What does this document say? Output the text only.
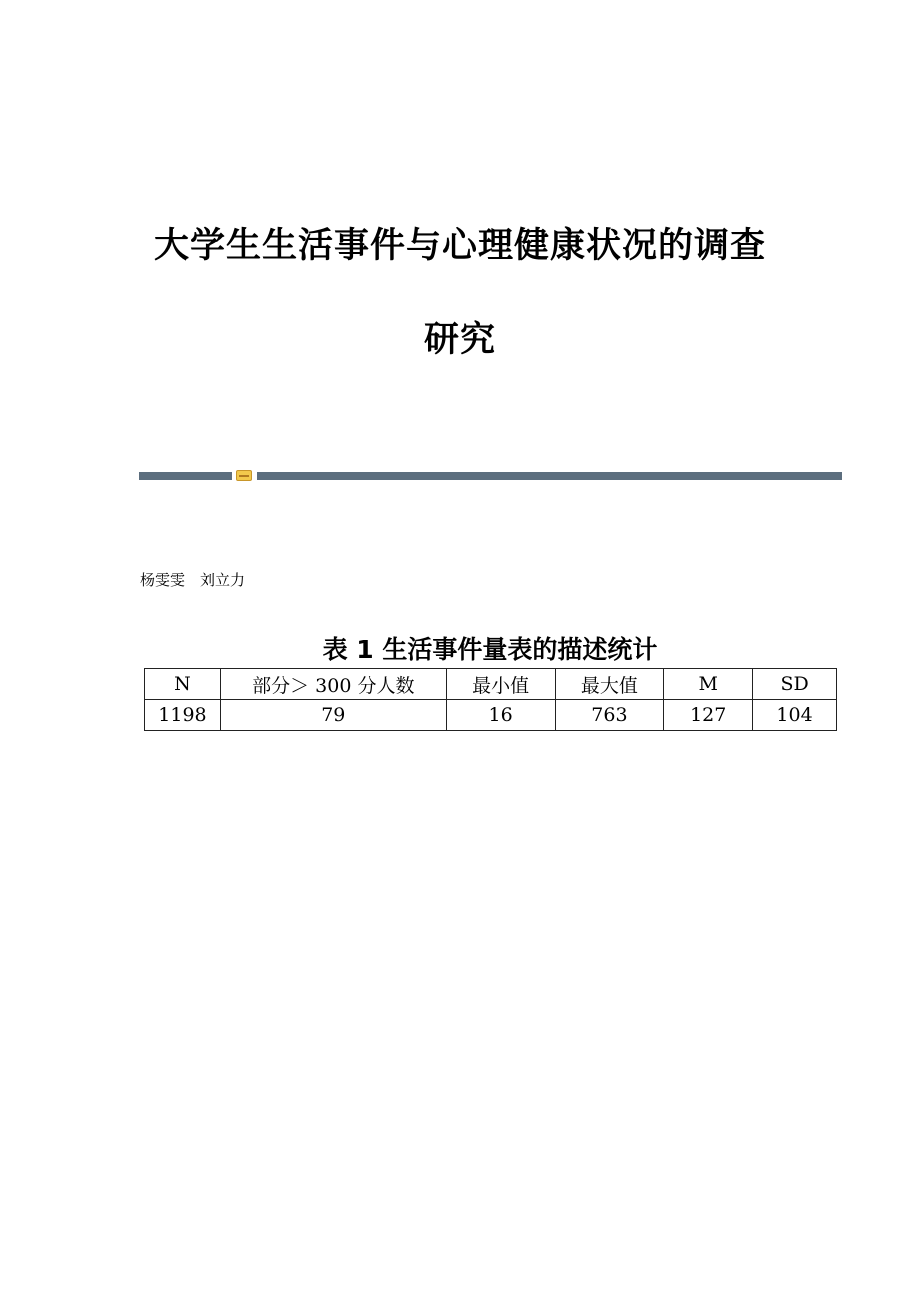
大学生生活事件与心理健康状况的调查
研究
杨雯雯　刘立力
表 1 生活事件量表的描述统计
N	部分＞ 300 分人数	最小值	最大值	M	SD
1198	79	16	763	127	104
